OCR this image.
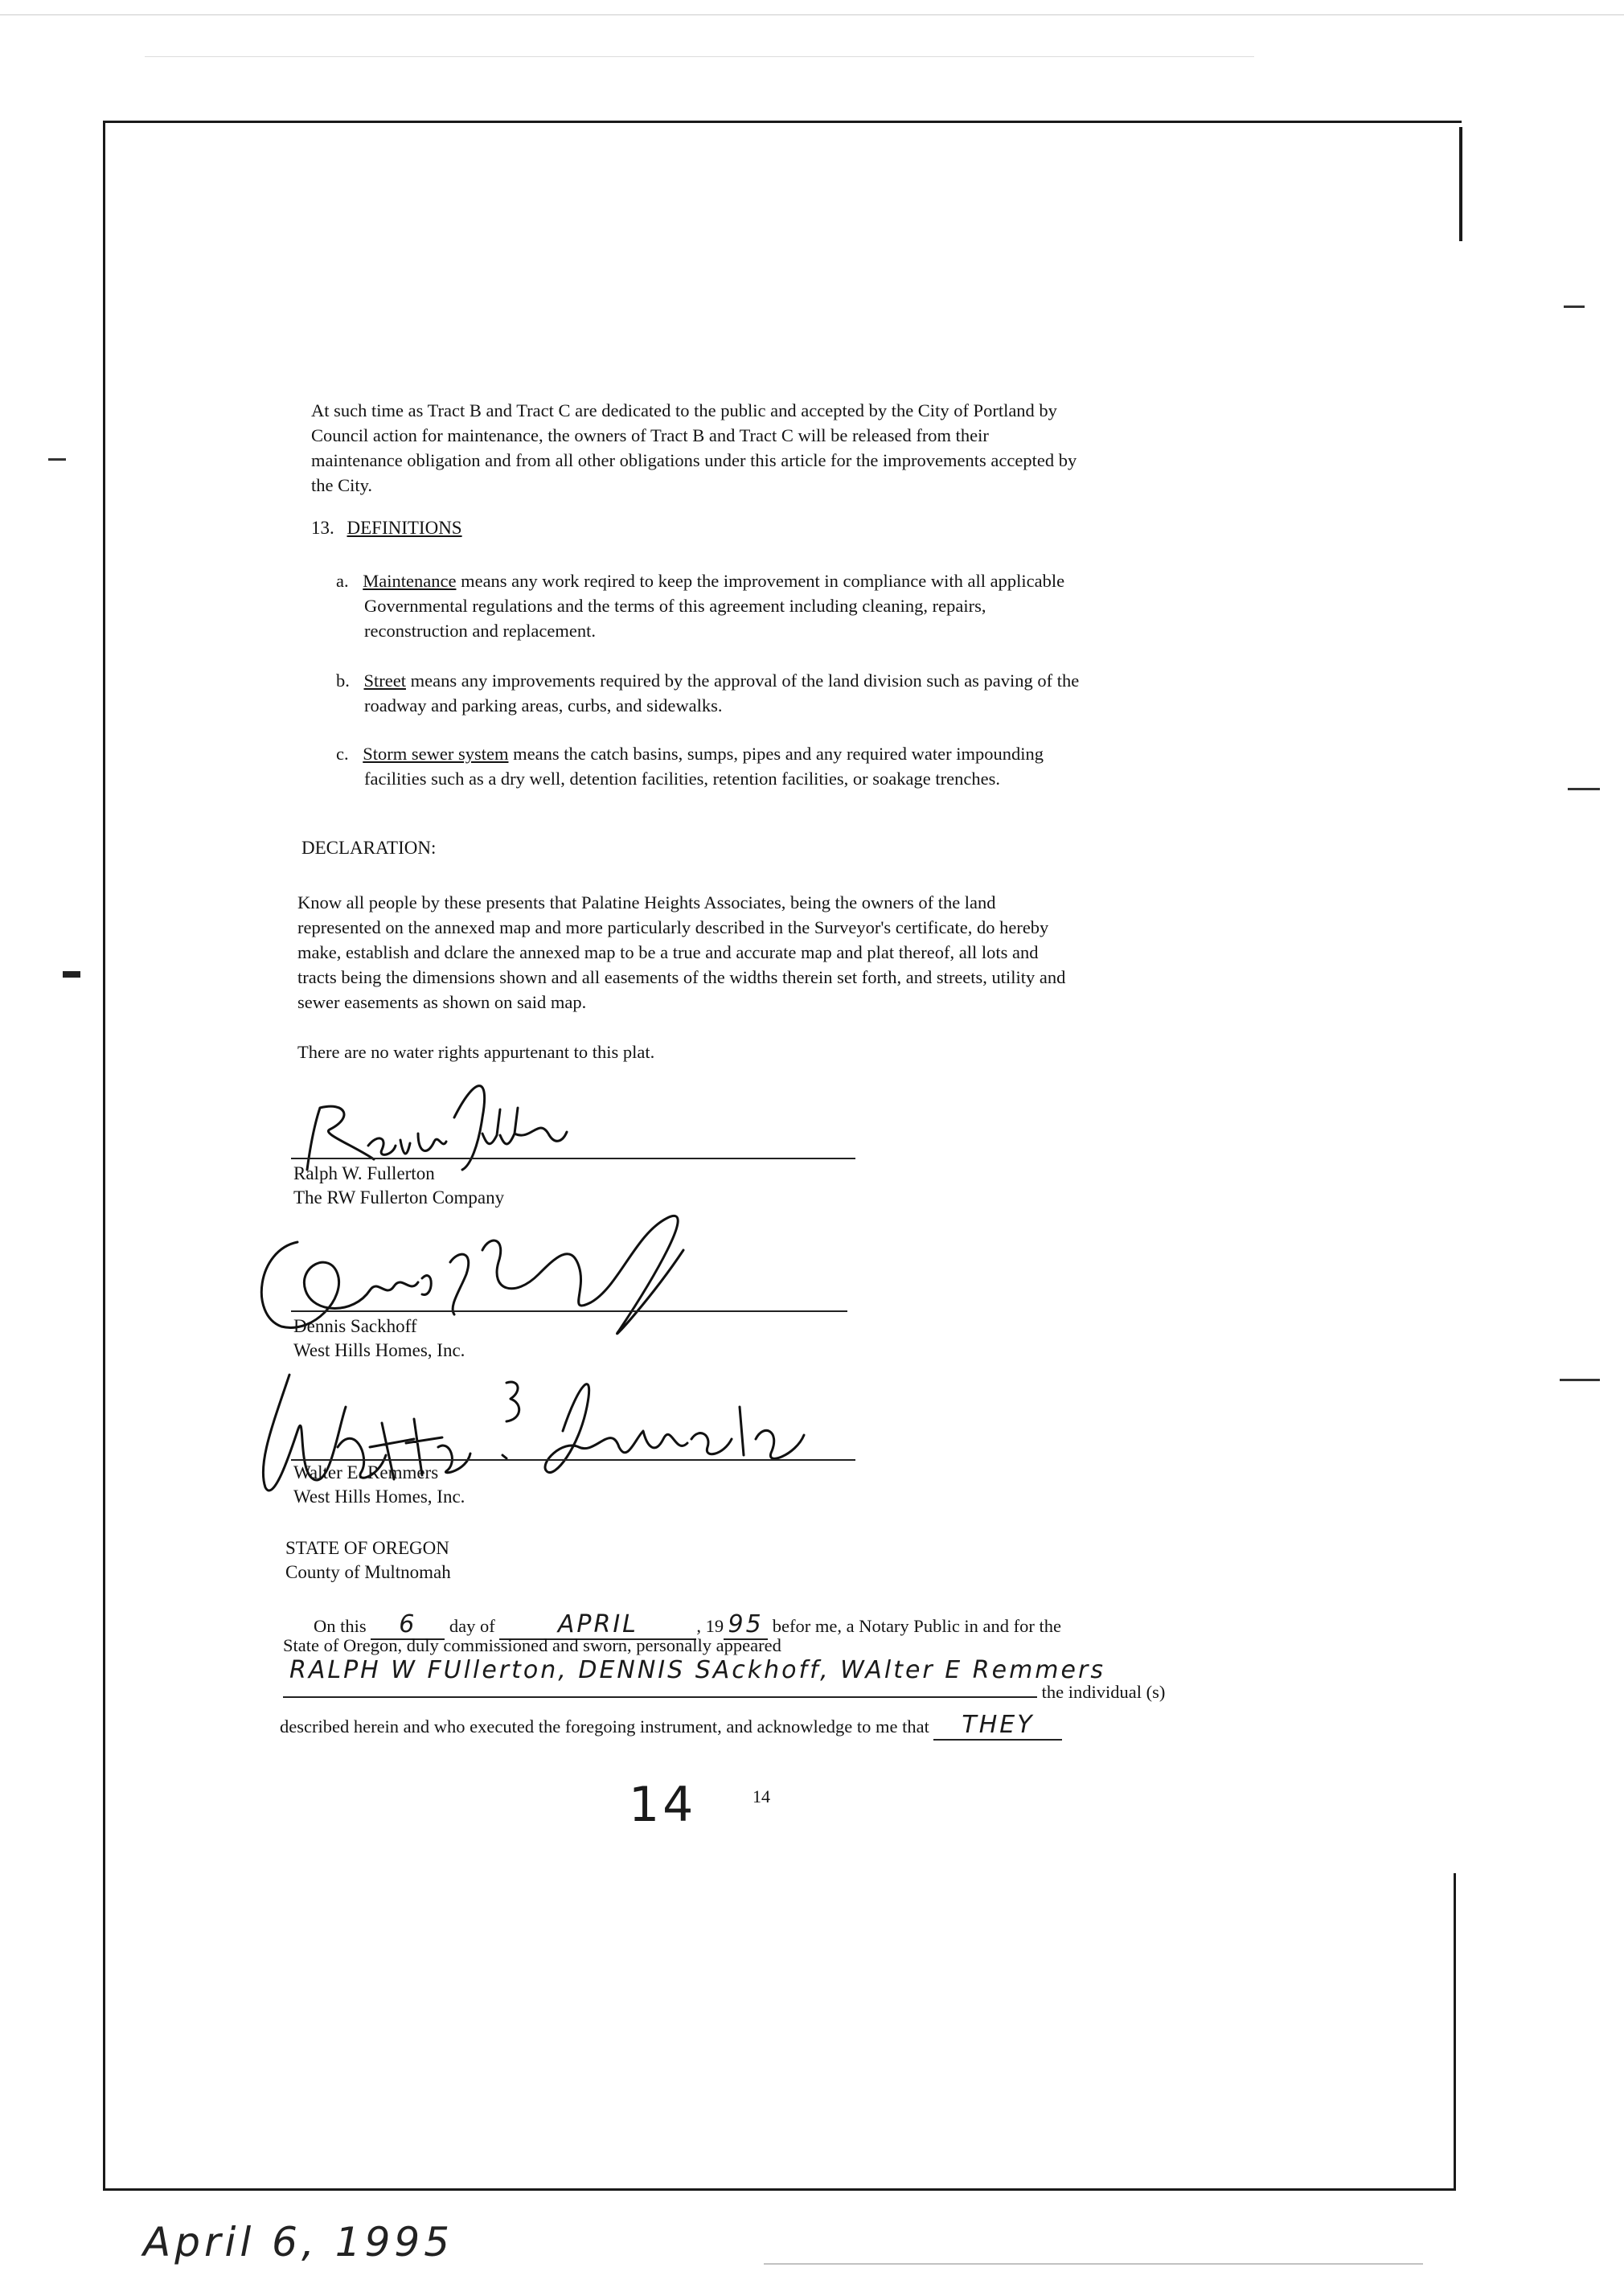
At such time as Tract B and Tract C are dedicated to the public and accepted by the City of Portland by
Council action for maintenance, the owners of Tract B and Tract C will be released from their
maintenance obligation and from all other obligations under this article for the improvements accepted by
the City.
13. DEFINITIONS
a. Maintenance means any work reqired to keep the improvement in compliance with all applicable
Governmental regulations and the terms of this agreement including cleaning, repairs,
reconstruction and replacement.
b. Street means any improvements required by the approval of the land division such as paving of the
roadway and parking areas, curbs, and sidewalks.
c. Storm sewer system means the catch basins, sumps, pipes and any required water impounding
facilities such as a dry well, detention facilities, retention facilities, or soakage trenches.
DECLARATION:
Know all people by these presents that Palatine Heights Associates, being the owners of the land
represented on the annexed map and more particularly described in the Surveyor's certificate, do hereby
make, establish and dclare the annexed map to be a true and accurate map and plat thereof, all lots and
tracts being the dimensions shown and all easements of the widths therein set forth, and streets, utility and
sewer easements as shown on said map.
There are no water rights appurtenant to this plat.
Ralph W. Fullerton
The RW Fullerton Company
Dennis Sackhoff
West Hills Homes, Inc.
Walter E. Remmers
West Hills Homes, Inc.
STATE OF OREGON
County of Multnomah
On this 6 day of	APRIL	, 19 95 befor me, a Notary Public in and for the
State of Oregon, duly commissioned and sworn, personally appeared
RALPH W FUllerton, DENNIS SAckhoff, WAlter E Remmers
the individual (s)
described herein and who executed the foregoing instrument, and acknowledge to me that THEY
14	14
April 6, 1995
